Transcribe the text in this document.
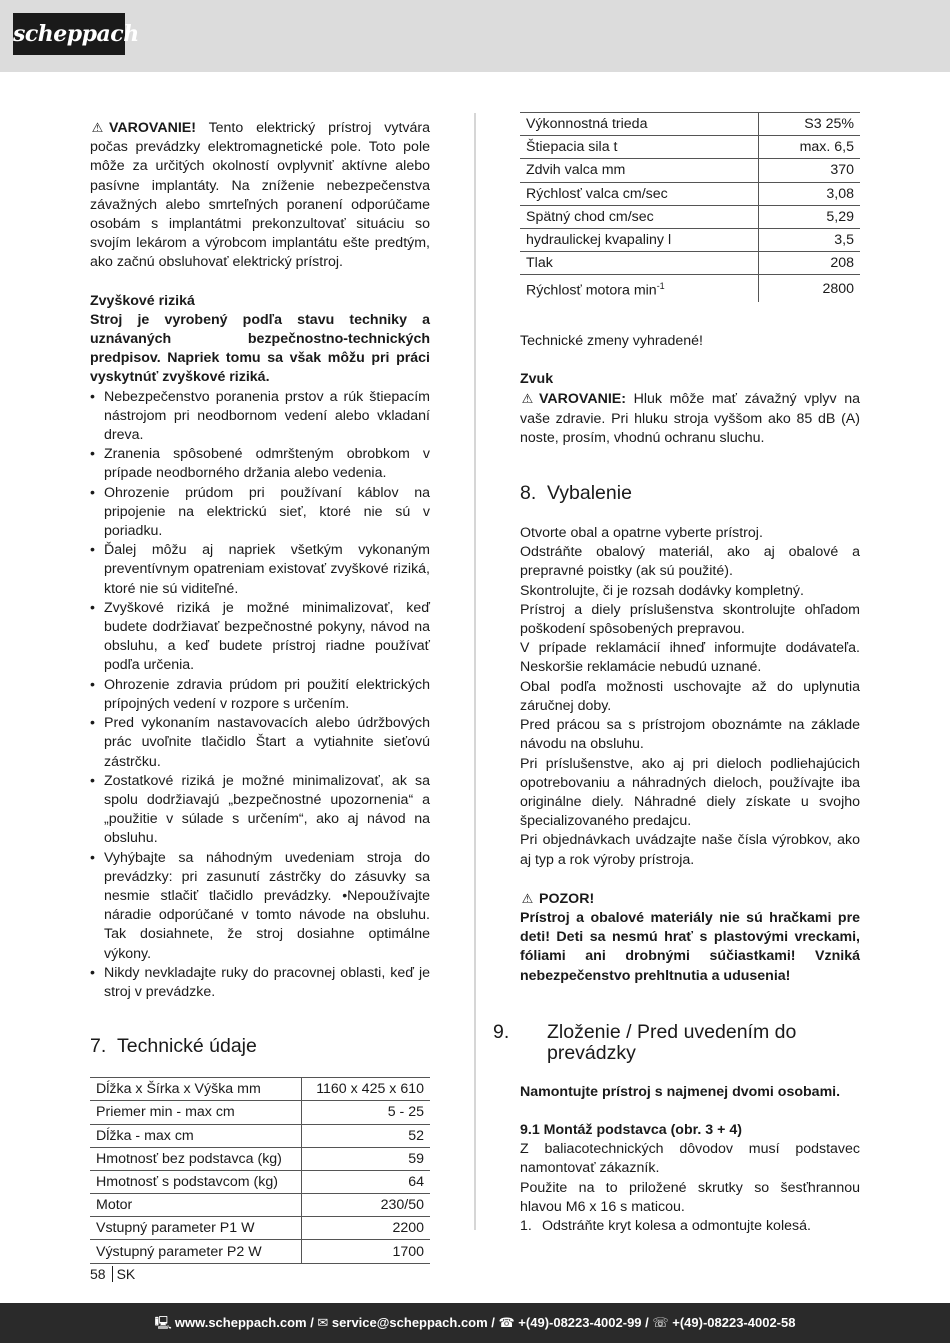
scheppach

⚠ VAROVANIE! Tento elektrický prístroj vytvára počas prevádzky elektromagnetické pole. Toto pole môže za určitých okolností ovplyvniť aktívne alebo pasívne implantáty. Na zníženie nebezpečenstva závažných alebo smrteľných poranení odporúčame osobám s implantátmi prekonzultovať situáciu so svojím lekárom a výrobcom implantátu ešte predtým, ako začnú obsluhovať elektrický prístroj.

Zvyškové riziká

Stroj je vyrobený podľa stavu techniky a uznávaných bezpečnostno-technických predpisov. Napriek tomu sa však môžu pri práci vyskytnúť zvyškové riziká.

• Nebezpečenstvo poranenia prstov a rúk štiepacím nástrojom pri neodbornom vedení alebo vkladaní dreva.
• Zranenia spôsobené odmršteným obrobkom v prípade neodborného držania alebo vedenia.
• Ohrozenie prúdom pri používaní káblov na pripojenie na elektrickú sieť, ktoré nie sú v poriadku.
• Ďalej môžu aj napriek všetkým vykonaným preventívnym opatreniam existovať zvyškové riziká, ktoré nie sú viditeľné.
• Zvyškové riziká je možné minimalizovať, keď budete dodržiavať bezpečnostné pokyny, návod na obsluhu, a keď budete prístroj riadne používať podľa určenia.
• Ohrozenie zdravia prúdom pri použití elektrických prípojných vedení v rozpore s určením.
• Pred vykonaním nastavovacích alebo údržbových prác uvoľnite tlačidlo Štart a vytiahnite sieťovú zástrčku.
• Zostatkové riziká je možné minimalizovať, ak sa spolu dodržiavajú „bezpečnostné upozornenia“ a „použitie v súlade s určením“, ako aj návod na obsluhu.
• Vyhýbajte sa náhodným uvedeniam stroja do prevádzky: pri zasunutí zástrčky do zásuvky sa nesmie stlačiť tlačidlo prevádzky. •Nepoužívajte náradie odporúčané v tomto návode na obsluhu. Tak dosiahnete, že stroj dosiahne optimálne výkony.
• Nikdy nevkladajte ruky do pracovnej oblasti, keď je stroj v prevádzke.
7. Technické údaje
Dĺžka x Šírka x Výška mm	1160 x 425 x 610
Priemer min - max cm	5 - 25
Dĺžka - max cm	52
Hmotnosť bez podstavca (kg)	59
Hmotnosť s podstavcom (kg)	64
Motor	230/50
Vstupný parameter P1 W	2200
Výstupný parameter P2 W	1700
Výkonnostná trieda	S3 25%
Štiepacia sila t	max. 6,5
Zdvih valca mm	370
Rýchlosť valca cm/sec	3,08
Spätný chod cm/sec	5,29
hydraulickej kvapaliny l	3,5
Tlak	208
Rýchlosť motora $\min^{-1}$	2800

Technické zmeny vyhradené!

Zvuk

⚠ VAROVANIE: Hluk môže mať závažný vplyv na vaše zdravie. Pri hluku stroja vyššom ako 85 dB (A) noste, prosím, vhodnú ochranu sluchu.

8. Vybalenie

Otvorte obal a opatrne vyberte prístroj.

Odstráňte obalový materiál, ako aj obalové a prepravné poistky (ak sú použité).

Skontrolujte, či je rozsah dodávky kompletný.

Prístroj a diely príslušenstva skontrolujte ohľadom poškodení spôsobených prepravou.

V prípade reklamácií ihneď informujte dodávateľa. Neskoršie reklamácie nebudú uznané.

Obal podľa možnosti uschovajte až do uplynutia záručnej doby.

Pred prácou sa s prístrojom oboznámte na základe návodu na obsluhu.

Pri príslušenstve, ako aj pri dieloch podliehajúcich opotrebovaniu a náhradných dieloch, používajte iba originálne diely. Náhradné diely získate u svojho špecializovaného predajcu.

Pri objednávkach uvádzajte naše čísla výrobkov, ako aj typ a rok výroby prístroja.

⚠ POZOR!

Prístroj a obalové materiály nie sú hračkami pre deti! Deti sa nesmú hrať s plastovými vreckami, fóliami ani drobnými súčiastkami! Vzniká nebezpečenstvo prehltnutia a udusenia!

9. Zloženie / Pred uvedením do prevádzky

Namontujte prístroj s najmenej dvomi osobami.

9.1 Montáž podstavca (obr. 3 + 4)

Z baliacotechnických dôvodov musí podstavec namontovať zákazník.

Použite na to priložené skrutky so šesťhrannou hlavou M6 x 16 s maticou.

1. Odstráňte kryt kolesa a odmontujte kolesá.

58 SK
🖳 www.scheppach.com / ✉ service@scheppach.com / ☎ +(49)-08223-4002-99 / ☏ +(49)-08223-4002-58
